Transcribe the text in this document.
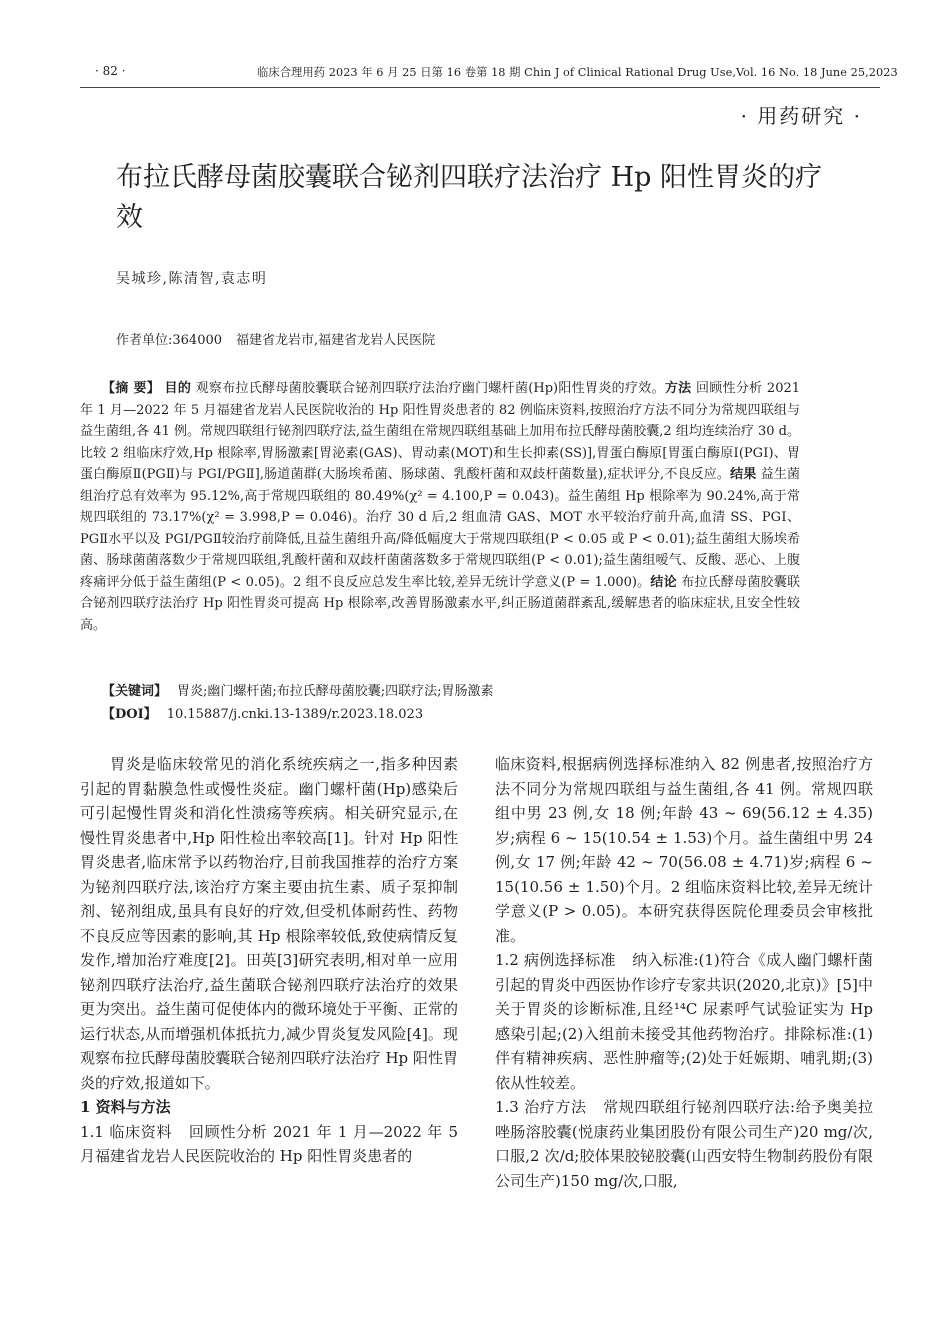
· 82 ·	临床合理用药 2023 年 6 月 25 日第 16 卷第 18 期 Chin J of Clinical Rational Drug Use,Vol. 16 No. 18 June 25,2023
· 用药研究 ·
布拉氏酵母菌胶囊联合铋剂四联疗法治疗 Hp 阳性胃炎的疗效
吴城珍,陈清智,袁志明
作者单位:364000 福建省龙岩市,福建省龙岩人民医院

【摘 要】 目的 观察布拉氏酵母菌胶囊联合铋剂四联疗法治疗幽门螺杆菌(Hp)阳性胃炎的疗效。方法 回顾性分析 2021 年 1 月—2022 年 5 月福建省龙岩人民医院收治的 Hp 阳性胃炎患者的 82 例临床资料,按照治疗方法不同分为常规四联组与益生菌组,各 41 例。常规四联组行铋剂四联疗法,益生菌组在常规四联组基础上加用布拉氏酵母菌胶囊,2 组均连续治疗 30 d。比较 2 组临床疗效,Hp 根除率,胃肠激素[胃泌素(GAS)、胃动素(MOT)和生长抑素(SS)],胃蛋白酶原[胃蛋白酶原Ⅰ(PGⅠ)、胃蛋白酶原Ⅱ(PGⅡ)与 PGⅠ/PGⅡ],肠道菌群(大肠埃希菌、肠球菌、乳酸杆菌和双歧杆菌数量),症状评分,不良反应。结果 益生菌组治疗总有效率为 95.12%,高于常规四联组的 80.49%(χ² = 4.100,P = 0.043)。益生菌组 Hp 根除率为 90.24%,高于常规四联组的 73.17%(χ² = 3.998,P = 0.046)。治疗 30 d 后,2 组血清 GAS、MOT 水平较治疗前升高,血清 SS、PGⅠ、PGⅡ水平以及 PGⅠ/PGⅡ较治疗前降低,且益生菌组升高/降低幅度大于常规四联组(P < 0.05 或 P < 0.01);益生菌组大肠埃希菌、肠球菌菌落数少于常规四联组,乳酸杆菌和双歧杆菌菌落数多于常规四联组(P < 0.01);益生菌组嗳气、反酸、恶心、上腹疼痛评分低于益生菌组(P < 0.05)。2 组不良反应总发生率比较,差异无统计学意义(P = 1.000)。结论 布拉氏酵母菌胶囊联合铋剂四联疗法治疗 Hp 阳性胃炎可提高 Hp 根除率,改善胃肠激素水平,纠正肠道菌群紊乱,缓解患者的临床症状,且安全性较高。

【关键词】 胃炎;幽门螺杆菌;布拉氏酵母菌胶囊;四联疗法;胃肠激素
【DOI】 10.15887/j.cnki.13-1389/r.2023.18.023

胃炎是临床较常见的消化系统疾病之一,指多种因素引起的胃黏膜急性或慢性炎症。幽门螺杆菌(Hp)感染后可引起慢性胃炎和消化性溃疡等疾病。相关研究显示,在慢性胃炎患者中,Hp 阳性检出率较高[1]。针对 Hp 阳性胃炎患者,临床常予以药物治疗,目前我国推荐的治疗方案为铋剂四联疗法,该治疗方案主要由抗生素、质子泵抑制剂、铋剂组成,虽具有良好的疗效,但受机体耐药性、药物不良反应等因素的影响,其 Hp 根除率较低,致使病情反复发作,增加治疗难度[2]。田英[3]研究表明,相对单一应用铋剂四联疗法治疗,益生菌联合铋剂四联疗法治疗的效果更为突出。益生菌可促使体内的微环境处于平衡、正常的运行状态,从而增强机体抵抗力,减少胃炎复发风险[4]。现观察布拉氏酵母菌胶囊联合铋剂四联疗法治疗 Hp 阳性胃炎的疗效,报道如下。

1 资料与方法

1.1 临床资料 回顾性分析 2021 年 1 月—2022 年 5 月福建省龙岩人民医院收治的 Hp 阳性胃炎患者的

临床资料,根据病例选择标准纳入 82 例患者,按照治疗方法不同分为常规四联组与益生菌组,各 41 例。常规四联组中男 23 例,女 18 例;年龄 43 ~ 69(56.12 ± 4.35)岁;病程 6 ~ 15(10.54 ± 1.53)个月。益生菌组中男 24 例,女 17 例;年龄 42 ~ 70(56.08 ± 4.71)岁;病程 6 ~ 15(10.56 ± 1.50)个月。2 组临床资料比较,差异无统计学意义(P > 0.05)。本研究获得医院伦理委员会审核批准。

1.2 病例选择标准 纳入标准:(1)符合《成人幽门螺杆菌引起的胃炎中西医协作诊疗专家共识(2020,北京)》[5]中关于胃炎的诊断标准,且经¹⁴C 尿素呼气试验证实为 Hp 感染引起;(2)入组前未接受其他药物治疗。排除标准:(1)伴有精神疾病、恶性肿瘤等;(2)处于妊娠期、哺乳期;(3)依从性较差。

1.3 治疗方法 常规四联组行铋剂四联疗法:给予奥美拉唑肠溶胶囊(悦康药业集团股份有限公司生产)20 mg/次,口服,2 次/d;胶体果胶铋胶囊(山西安特生物制药股份有限公司生产)150 mg/次,口服,
